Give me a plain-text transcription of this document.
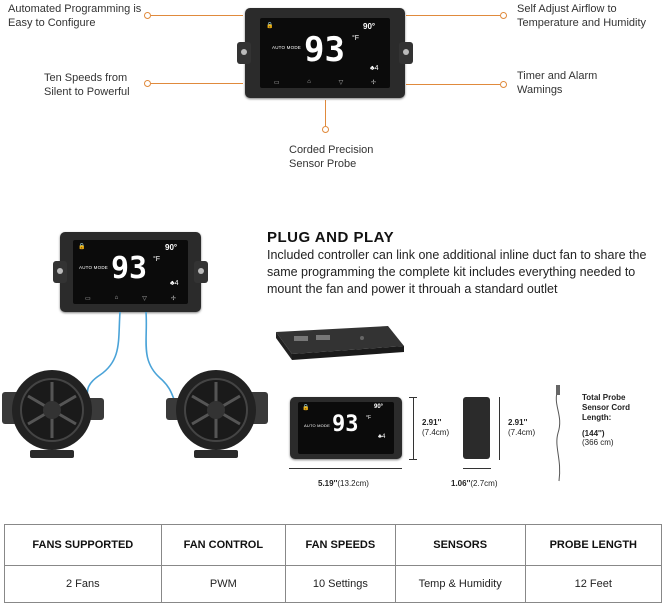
Automated Programming is Easy to Configure
Ten Speeds from Silent to Powerful
Self Adjust Airflow to Temperature and Humidity
Timer and Alarm Wamings
Corded Precision Sensor Probe
🔒
AUTO MODE 93 °F
90°
♣4
▭	⌂	▽	✢
🔒
AUTO MODE 93 °F
90°
♣4
▭	⌂	▽	✢
PLUG AND PLAY
Included controller can link one additional inline duct fan to share the same programming the complete kit includes everything needed to mount the fan and power it throuah a standard outlet
🔒
AUTO MODE 93
90°
°F
♣4
2.91''
(7.4cm)
5.19''(13.2cm)
2.91''
(7.4cm)
1.06''(2.7cm)
Total Probe Sensor Cord Length:
(144'')
(366 cm)
FANS SUPPORTED	FAN CONTROL	FAN SPEEDS	SENSORS	PROBE LENGTH
2 Fans	PWM	10 Settings	Temp & Humidity	12 Feet
